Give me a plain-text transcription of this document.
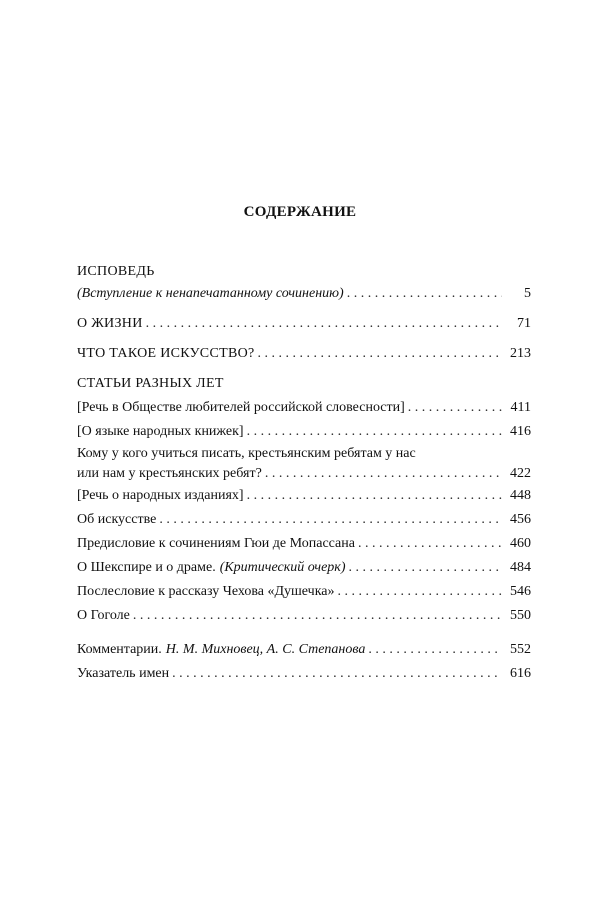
СОДЕРЖАНИЕ
ИСПОВЕДЬ
(Вступление к ненапечатанному сочинению) . . .	5
О ЖИЗНИ . . .	71
ЧТО ТАКОЕ ИСКУССТВО? . . .	213
СТАТЬИ РАЗНЫХ ЛЕТ
[Речь в Обществе любителей российской словесности] . . .	411
[О языке народных книжек] . . .	416
Кому у кого учиться писать, крестьянским ребятам у нас
или нам у крестьянских ребят? . . .	422
[Речь о народных изданиях] . . .	448
Об искусстве . . .	456
Предисловие к сочинениям Гюи де Мопассана . . .	460
О Шекспире и о драме. (Критический очерк) . . .	484
Послесловие к рассказу Чехова «Душечка» . . .	546
О Гоголе . . .	550
Комментарии. Н. М. Михновец, А. С. Степанова . . .	552
Указатель имен . . .	616
